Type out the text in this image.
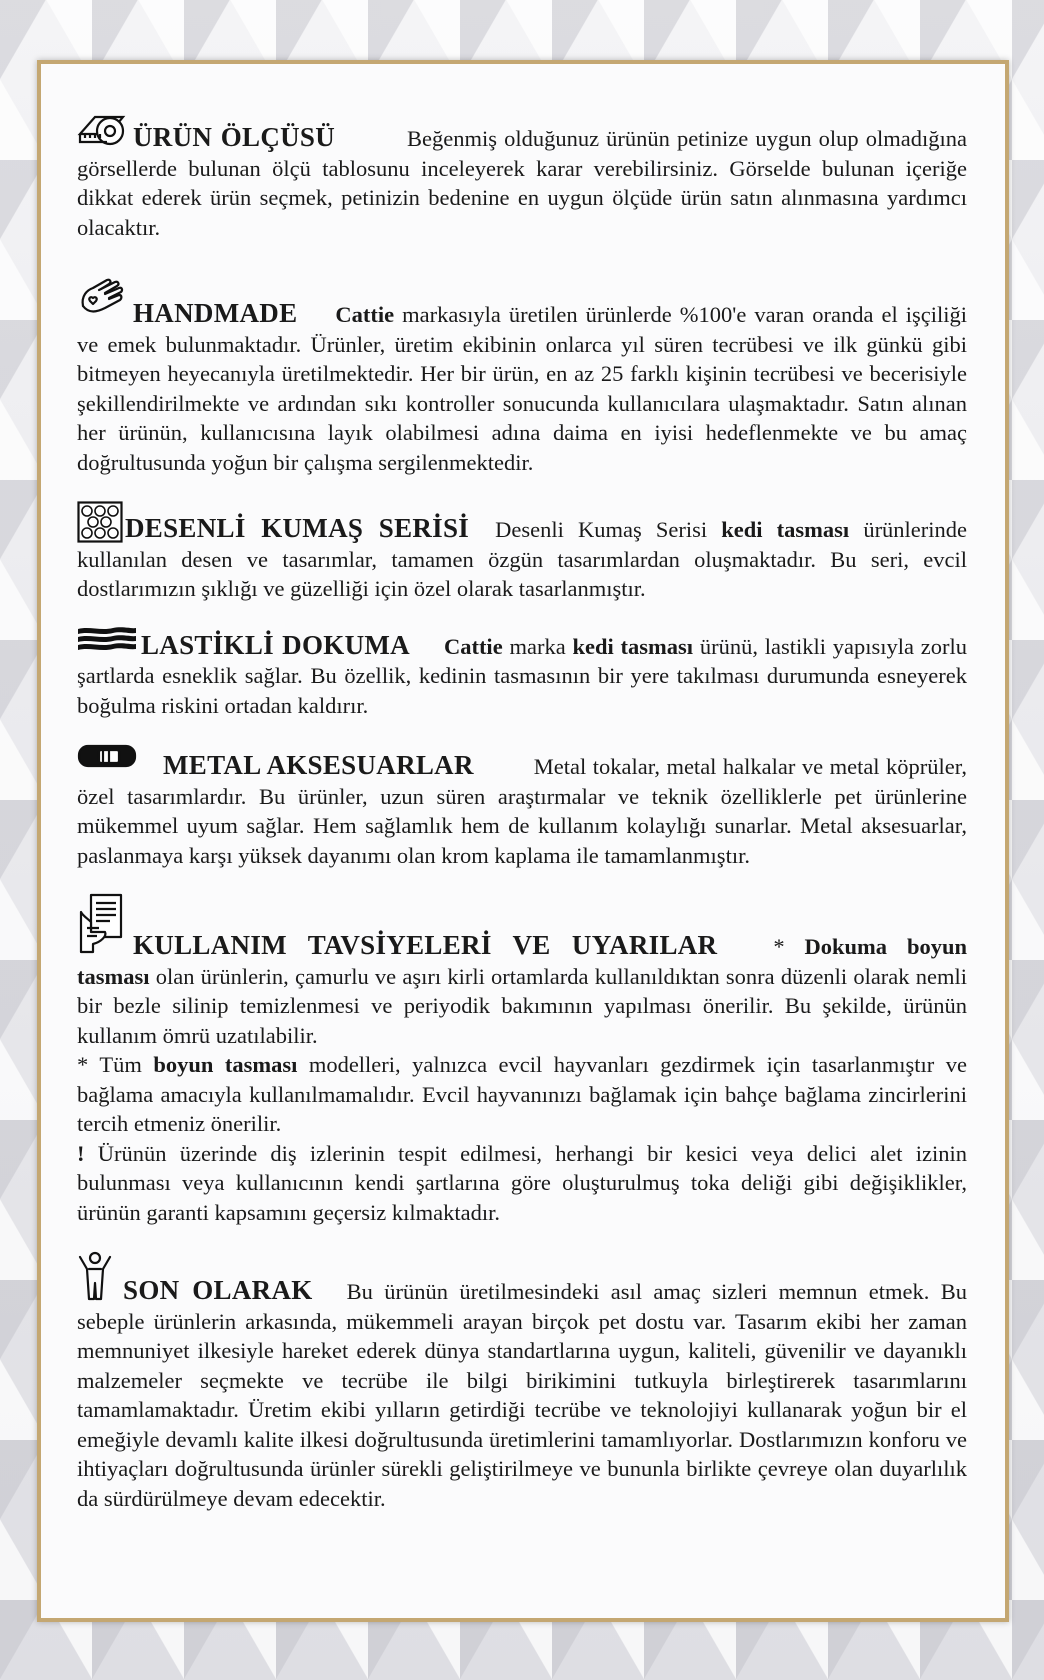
ÜRÜN ÖLÇÜSÜ	Beğenmiş olduğunuz ürünün petinize uygun olup olmadığına görsellerde bulunan ölçü tablosunu inceleyerek karar verebilirsiniz. Görselde bulunan içeriğe dikkat ederek ürün seçmek, petinizin bedenine en uygun ölçüde ürün satın alınmasına yardımcı olacaktır.

HANDMADE Cattie markasıyla üretilen ürünlerde %100'e varan oranda el işçiliği ve emek bulunmaktadır. Ürünler, üretim ekibinin onlarca yıl süren tecrübesi ve ilk günkü gibi bitmeyen heyecanıyla üretilmektedir. Her bir ürün, en az 25 farklı kişinin tecrübesi ve becerisiyle şekillendirilmekte ve ardından sıkı kontroller sonucunda kullanıcılara ulaşmaktadır. Satın alınan her ürünün, kullanıcısına layık olabilmesi adına daima en iyisi hedeflenmekte ve bu amaç doğrultusunda yoğun bir çalışma sergilenmektedir.

DESENLİ KUMAŞ SERİSİ Desenli Kumaş Serisi kedi tasması ürünlerinde kullanılan desen ve tasarımlar, tamamen özgün tasarımlardan oluşmaktadır. Bu seri, evcil dostlarımızın şıklığı ve güzelliği için özel olarak tasarlanmıştır.

LASTİKLİ DOKUMA Cattie marka kedi tasması ürünü, lastikli yapısıyla zorlu şartlarda esneklik sağlar. Bu özellik, kedinin tasmasının bir yere takılması durumunda esneyerek boğulma riskini ortadan kaldırır.

METAL AKSESUARLAR	Metal tokalar, metal halkalar ve metal köprüler, özel tasarımlardır. Bu ürünler, uzun süren araştırmalar ve teknik özelliklerle pet ürünlerine mükemmel uyum sağlar. Hem sağlamlık hem de kullanım kolaylığı sunarlar. Metal aksesuarlar, paslanmaya karşı yüksek dayanımı olan krom kaplama ile tamamlanmıştır.

KULLANIM TAVSİYELERİ VE UYARILAR * Dokuma boyun tasması olan ürünlerin, çamurlu ve aşırı kirli ortamlarda kullanıldıktan sonra düzenli olarak nemli bir bezle silinip temizlenmesi ve periyodik bakımının yapılması önerilir. Bu şekilde, ürünün kullanım ömrü uzatılabilir.

* Tüm boyun tasması modelleri, yalnızca evcil hayvanları gezdirmek için tasarlanmıştır ve bağlama amacıyla kullanılmamalıdır. Evcil hayvanınızı bağlamak için bahçe bağlama zincirlerini tercih etmeniz önerilir.

! Ürünün üzerinde diş izlerinin tespit edilmesi, herhangi bir kesici veya delici alet izinin bulunması veya kullanıcının kendi şartlarına göre oluşturulmuş toka deliği gibi değişiklikler, ürünün garanti kapsamını geçersiz kılmaktadır.

SON OLARAK Bu ürünün üretilmesindeki asıl amaç sizleri memnun etmek. Bu sebeple ürünlerin arkasında, mükemmeli arayan birçok pet dostu var. Tasarım ekibi her zaman memnuniyet ilkesiyle hareket ederek dünya standartlarına uygun, kaliteli, güvenilir ve dayanıklı malzemeler seçmekte ve tecrübe ile bilgi birikimini tutkuyla birleştirerek tasarımlarını tamamlamaktadır. Üretim ekibi yılların getirdiği tecrübe ve teknolojiyi kullanarak yoğun bir el emeğiyle devamlı kalite ilkesi doğrultusunda üretimlerini tamamlıyorlar. Dostlarımızın konforu ve ihtiyaçları doğrultusunda ürünler sürekli geliştirilmeye ve bununla birlikte çevreye olan duyarlılık da sürdürülmeye devam edecektir.
